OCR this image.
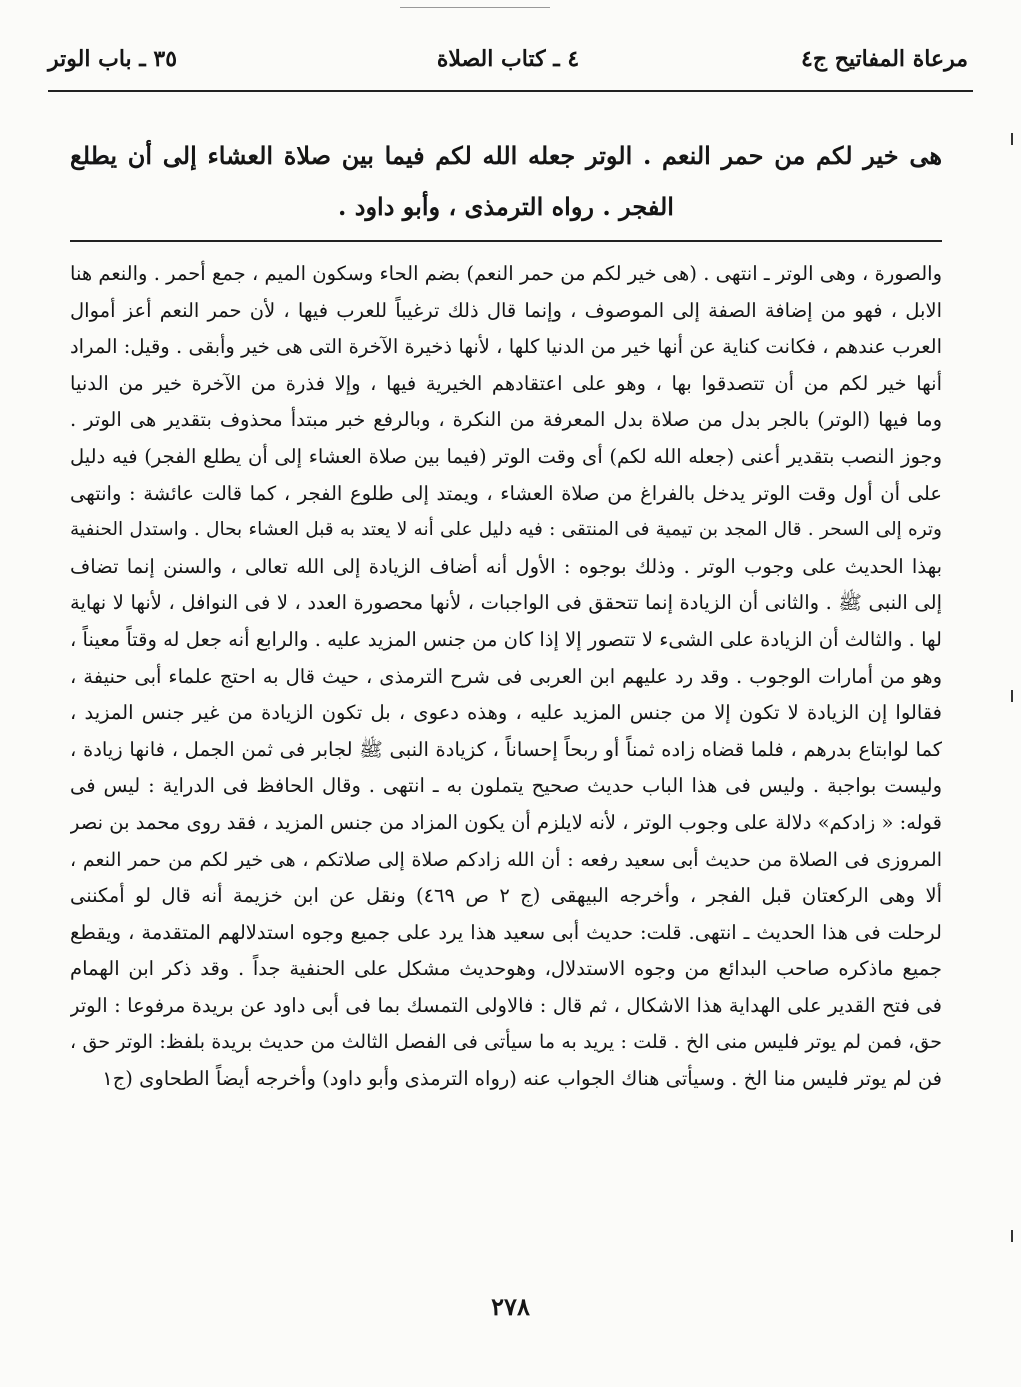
مرعاة المفاتيح ج٤
٤ ـ كتاب الصلاة
٣٥ ـ باب الوتر
هى خير لكم من حمر النعم . الوتر جعله الله لكم فيما بين صلاة العشاء إلى أن يطلع الفجر . رواه الترمذى ، وأبو داود .
والصورة ، وهى الوتر ـ انتهى . (هى خير لكم من حمر النعم) بضم الحاء وسكون الميم ، جمع أحمر . والنعم هنا
الابل ، فهو من إضافة الصفة إلى الموصوف ، وإنما قال ذلك ترغيباً للعرب فيها ، لأن حمر النعم أعز أموال
العرب عندهم ، فكانت كناية عن أنها خير من الدنيا كلها ، لأنها ذخيرة الآخرة التى هى خير وأبقى . وقيل: المراد
أنها خير لكم من أن تتصدقوا بها ، وهو على اعتقادهم الخيرية فيها ، وإلا فذرة من الآخرة خير من الدنيا
وما فيها (الوتر) بالجر بدل من صلاة بدل المعرفة من النكرة ، وبالرفع خبر مبتدأ محذوف بتقدير هى الوتر .
وجوز النصب بتقدير أعنى (جعله الله لكم) أى وقت الوتر (فيما بين صلاة العشاء إلى أن يطلع الفجر) فيه دليل
على أن أول وقت الوتر يدخل بالفراغ من صلاة العشاء ، ويمتد إلى طلوع الفجر ، كما قالت عائشة : وانتهى
وتره إلى السحر . قال المجد بن تيمية فى المنتقى : فيه دليل على أنه لا يعتد به قبل العشاء بحال . واستدل الحنفية
بهذا الحديث على وجوب الوتر . وذلك بوجوه : الأول أنه أضاف الزيادة إلى الله تعالى ، والسنن إنما تضاف
إلى النبى ﷺ . والثانى أن الزيادة إنما تتحقق فى الواجبات ، لأنها محصورة العدد ، لا فى النوافل ، لأنها لا نهاية
لها . والثالث أن الزيادة على الشىء لا تتصور إلا إذا كان من جنس المزيد عليه . والرابع أنه جعل له وقتاً معيناً ،
وهو من أمارات الوجوب . وقد رد عليهم ابن العربى فى شرح الترمذى ، حيث قال به احتج علماء أبى حنيفة ،
فقالوا إن الزيادة لا تكون إلا من جنس المزيد عليه ، وهذه دعوى ، بل تكون الزيادة من غير جنس المزيد ،
كما لوابتاع بدرهم ، فلما قضاه زاده ثمناً أو ربحاً إحساناً ، كزيادة النبى ﷺ لجابر فى ثمن الجمل ، فانها زيادة ،
وليست بواجبة . وليس فى هذا الباب حديث صحيح يتملون به ـ انتهى . وقال الحافظ فى الدراية : ليس فى
قوله: « زادكم» دلالة على وجوب الوتر ، لأنه لايلزم أن يكون المزاد من جنس المزيد ، فقد روى محمد بن نصر
المروزى فى الصلاة من حديث أبى سعيد رفعه : أن الله زادكم صلاة إلى صلاتكم ، هى خير لكم من حمر النعم ،
ألا وهى الركعتان قبل الفجر ، وأخرجه البيهقى (ج ٢ ص ٤٦٩) ونقل عن ابن خزيمة أنه قال لو أمكننى
لرحلت فى هذا الحديث ـ انتهى. قلت: حديث أبى سعيد هذا يرد على جميع وجوه استدلالهم المتقدمة ، ويقطع
جميع ماذكره صاحب البدائع من وجوه الاستدلال، وهوحديث مشكل على الحنفية جداً . وقد ذكر ابن الهمام
فى فتح القدير على الهداية هذا الاشكال ، ثم قال : فالاولى التمسك بما فى أبى داود عن بريدة مرفوعا : الوتر
حق، فمن لم يوتر فليس منى الخ . قلت : يريد به ما سيأتى فى الفصل الثالث من حديث بريدة بلفظ: الوتر حق ،
فن لم يوتر فليس منا الخ . وسيأتى هناك الجواب عنه (رواه الترمذى وأبو داود) وأخرجه أيضاً الطحاوى (ج١
٢٧٨
